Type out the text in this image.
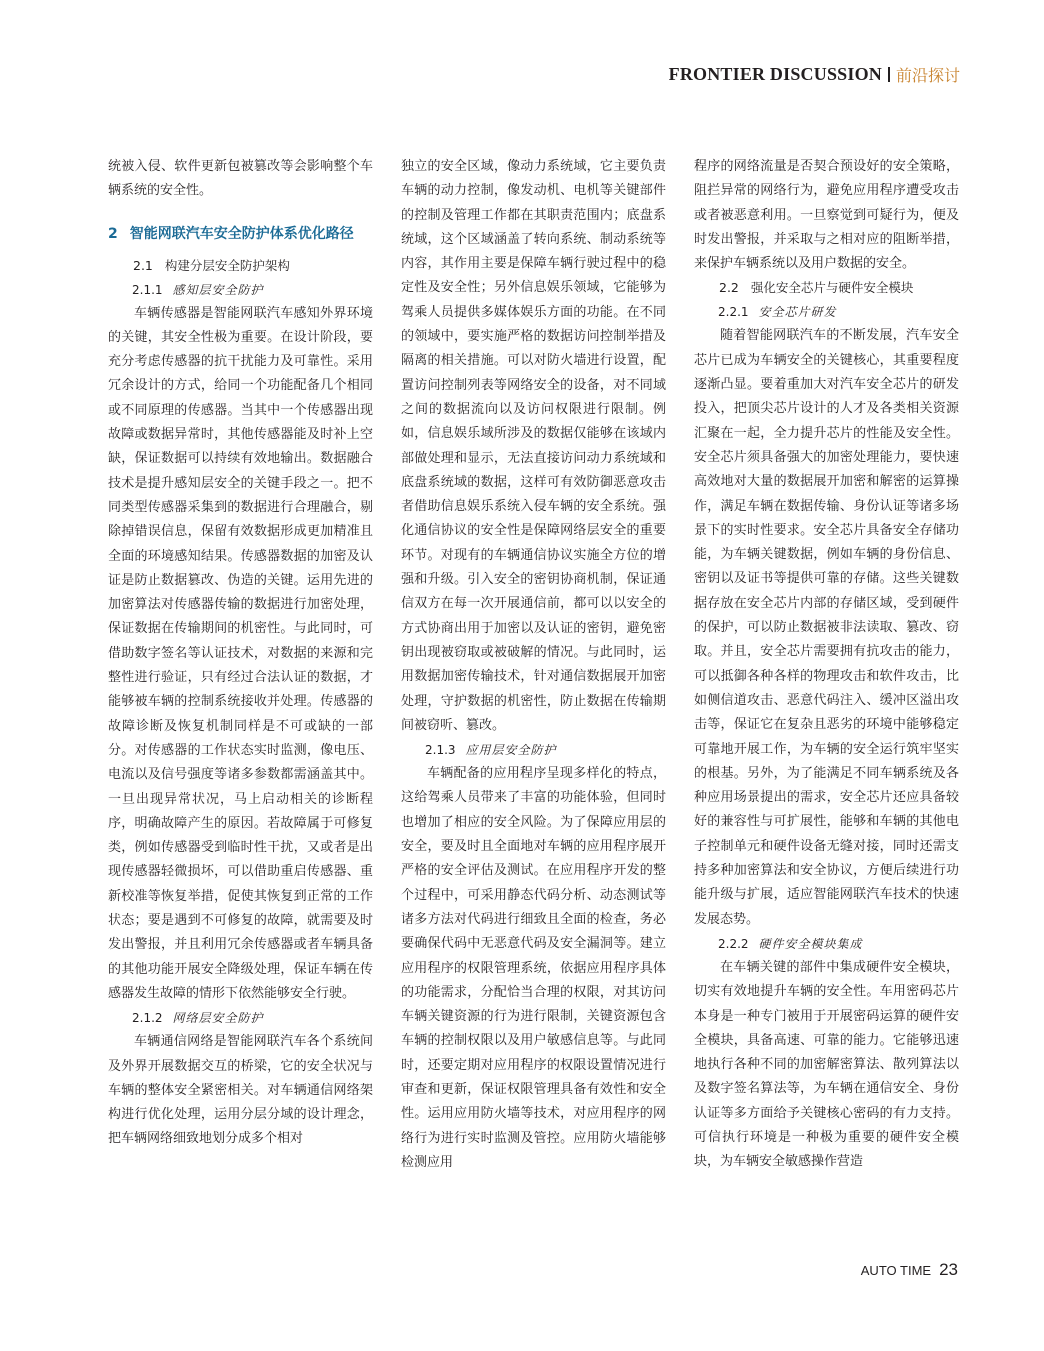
FRONTIER DISCUSSION 前沿探讨

统被入侵、软件更新包被篡改等会影响整个车辆系统的安全性。

2 智能网联汽车安全防护体系优化路径
2.1 构建分层安全防护架构
2.1.1 感知层安全防护

车辆传感器是智能网联汽车感知外界环境的关键，其安全性极为重要。在设计阶段，要充分考虑传感器的抗干扰能力及可靠性。采用冗余设计的方式，给同一个功能配备几个相同或不同原理的传感器。当其中一个传感器出现故障或数据异常时，其他传感器能及时补上空缺，保证数据可以持续有效地输出。数据融合技术是提升感知层安全的关键手段之一。把不同类型传感器采集到的数据进行合理融合，剔除掉错误信息，保留有效数据形成更加精准且全面的环境感知结果。传感器数据的加密及认证是防止数据篡改、伪造的关键。运用先进的加密算法对传感器传输的数据进行加密处理，保证数据在传输期间的机密性。与此同时，可借助数字签名等认证技术，对数据的来源和完整性进行验证，只有经过合法认证的数据，才能够被车辆的控制系统接收并处理。传感器的故障诊断及恢复机制同样是不可或缺的一部分。对传感器的工作状态实时监测，像电压、电流以及信号强度等诸多参数都需涵盖其中。一旦出现异常状况，马上启动相关的诊断程序，明确故障产生的原因。若故障属于可修复类，例如传感器受到临时性干扰，又或者是出现传感器轻微损坏，可以借助重启传感器、重新校准等恢复举措，促使其恢复到正常的工作状态；要是遇到不可修复的故障，就需要及时发出警报，并且利用冗余传感器或者车辆具备的其他功能开展安全降级处理，保证车辆在传感器发生故障的情形下依然能够安全行驶。

2.1.2 网络层安全防护

车辆通信网络是智能网联汽车各个系统间及外界开展数据交互的桥梁，它的安全状况与车辆的整体安全紧密相关。对车辆通信网络架构进行优化处理，运用分层分域的设计理念，把车辆网络细致地划分成多个相对

独立的安全区域，像动力系统域，它主要负责车辆的动力控制，像发动机、电机等关键部件的控制及管理工作都在其职责范围内；底盘系统域，这个区域涵盖了转向系统、制动系统等内容，其作用主要是保障车辆行驶过程中的稳定性及安全性；另外信息娱乐领域，它能够为驾乘人员提供多媒体娱乐方面的功能。在不同的领域中，要实施严格的数据访问控制举措及隔离的相关措施。可以对防火墙进行设置，配置访问控制列表等网络安全的设备，对不同域之间的数据流向以及访问权限进行限制。例如，信息娱乐域所涉及的数据仅能够在该域内部做处理和显示，无法直接访问动力系统域和底盘系统域的数据，这样可有效防御恶意攻击者借助信息娱乐系统入侵车辆的安全系统。强化通信协议的安全性是保障网络层安全的重要环节。对现有的车辆通信协议实施全方位的增强和升级。引入安全的密钥协商机制，保证通信双方在每一次开展通信前，都可以以安全的方式协商出用于加密以及认证的密钥，避免密钥出现被窃取或被破解的情况。与此同时，运用数据加密传输技术，针对通信数据展开加密处理，守护数据的机密性，防止数据在传输期间被窃听、篡改。

2.1.3 应用层安全防护

车辆配备的应用程序呈现多样化的特点，这给驾乘人员带来了丰富的功能体验，但同时也增加了相应的安全风险。为了保障应用层的安全，要及时且全面地对车辆的应用程序展开严格的安全评估及测试。在应用程序开发的整个过程中，可采用静态代码分析、动态测试等诸多方法对代码进行细致且全面的检查，务必要确保代码中无恶意代码及安全漏洞等。建立应用程序的权限管理系统，依据应用程序具体的功能需求，分配恰当合理的权限，对其访问车辆关键资源的行为进行限制，关键资源包含车辆的控制权限以及用户敏感信息等。与此同时，还要定期对应用程序的权限设置情况进行审查和更新，保证权限管理具备有效性和安全性。运用应用防火墙等技术，对应用程序的网络行为进行实时监测及管控。应用防火墙能够检测应用

程序的网络流量是否契合预设好的安全策略，阻拦异常的网络行为，避免应用程序遭受攻击或者被恶意利用。一旦察觉到可疑行为，便及时发出警报，并采取与之相对应的阻断举措，来保护车辆系统以及用户数据的安全。

2.2 强化安全芯片与硬件安全模块
2.2.1 安全芯片研发

随着智能网联汽车的不断发展，汽车安全芯片已成为车辆安全的关键核心，其重要程度逐渐凸显。要着重加大对汽车安全芯片的研发投入，把顶尖芯片设计的人才及各类相关资源汇聚在一起，全力提升芯片的性能及安全性。安全芯片须具备强大的加密处理能力，要快速高效地对大量的数据展开加密和解密的运算操作，满足车辆在数据传输、身份认证等诸多场景下的实时性要求。安全芯片具备安全存储功能，为车辆关键数据，例如车辆的身份信息、密钥以及证书等提供可靠的存储。这些关键数据存放在安全芯片内部的存储区域，受到硬件的保护，可以防止数据被非法读取、篡改、窃取。并且，安全芯片需要拥有抗攻击的能力，可以抵御各种各样的物理攻击和软件攻击，比如侧信道攻击、恶意代码注入、缓冲区溢出攻击等，保证它在复杂且恶劣的环境中能够稳定可靠地开展工作，为车辆的安全运行筑牢坚实的根基。另外，为了能满足不同车辆系统及各种应用场景提出的需求，安全芯片还应具备较好的兼容性与可扩展性，能够和车辆的其他电子控制单元和硬件设备无缝对接，同时还需支持多种加密算法和安全协议，方便后续进行功能升级与扩展，适应智能网联汽车技术的快速发展态势。

2.2.2 硬件安全模块集成

在车辆关键的部件中集成硬件安全模块，切实有效地提升车辆的安全性。车用密码芯片本身是一种专门被用于开展密码运算的硬件安全模块，具备高速、可靠的能力。它能够迅速地执行各种不同的加密解密算法、散列算法以及数字签名算法等，为车辆在通信安全、身份认证等多方面给予关键核心密码的有力支持。可信执行环境是一种极为重要的硬件安全模块，为车辆安全敏感操作营造

AUTO TIME 23
